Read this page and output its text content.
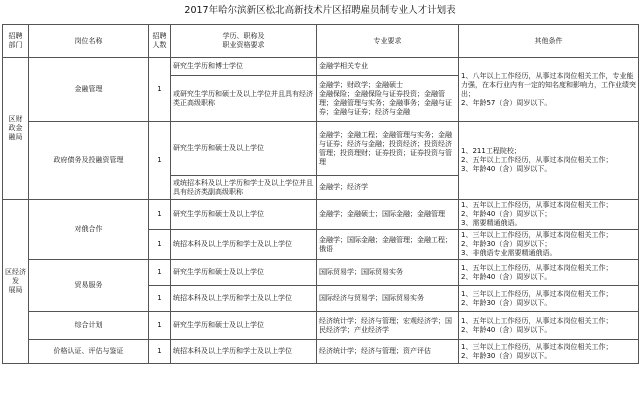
2017年哈尔滨新区松北高新技术片区招聘雇员制专业人才计划表
招聘
部门	岗位名称	招聘
人数	学历、职称及
职业资格要求	专业要求	其他条件
区财
政金
融局	金融管理	1	研究生学历和博士学位	金融学相关专业	1、八年以上工作经历，从事过本岗位相关工作，专业能力强，在本行业内有一定的知名度和影响力，工作业绩突出；
2、年龄57（含）周岁以下。
			或研究生学历和硕士及以上学位并且具有经济类正高级职称	金融学；财政学；金融硕士
金融保险；金融保险与证券投资；金融管理；金融管理与实务；金融事务；金融与证券；金融与证券；经济与金融	
	政府债务及投融资管理	1	研究生学历和硕士及以上学位	金融学；金融工程；金融管理与实务；金融与证券；经济与金融；投资经济；投资经济管理；投资理财；证券投资；证券投资与管理	1、211工程院校；
2、五年以上工作经历，从事过本岗位相关工作；
3、年龄40（含）周岁以下。
			或统招本科及以上学历和学士及以上学位并且具有经济类副高级职称	金融学；经济学	
区经济发
展局	对俄合作	1	研究生学历和硕士及以上学位	金融学；金融硕士；国际金融；金融管理	1、五年以上工作经历，从事过本岗位相关工作；
2、年龄40（含）周岁以下；
3、需要精通俄语。
		1	统招本科及以上学历和学士及以上学位	金融学；国际金融；金融管理；金融工程；俄语	1、三年以上工作经历，从事过本岗位相关工作；
2、年龄30（含）周岁以下；
3、非俄语专业需要精通俄语。
	贸易服务	1	研究生学历和硕士及以上学位	国际贸易学；国际贸易实务	1、五年以上工作经历，从事过本岗位相关工作；
2、年龄40（含）周岁以下。
		1	统招本科及以上学历和学士及以上学位	国际经济与贸易学；国际贸易实务	1、三年以上工作经历，从事过本岗位相关工作；
2、年龄30（含）周岁以下。
	综合计划	1	研究生学历和硕士及以上学位	经济统计学；经济与管理；宏观经济学；国民经济学；产业经济学	1、五年以上工作经历，从事过本岗位相关工作；
2、年龄40（含）周岁以下。
	价格认证、评估与鉴证	1	统招本科及以上学历和学士及以上学位	经济统计学；经济与管理；资产评估	1、三年以上工作经历，从事过本岗位相关工作；
2、年龄30（含）周岁以下。
